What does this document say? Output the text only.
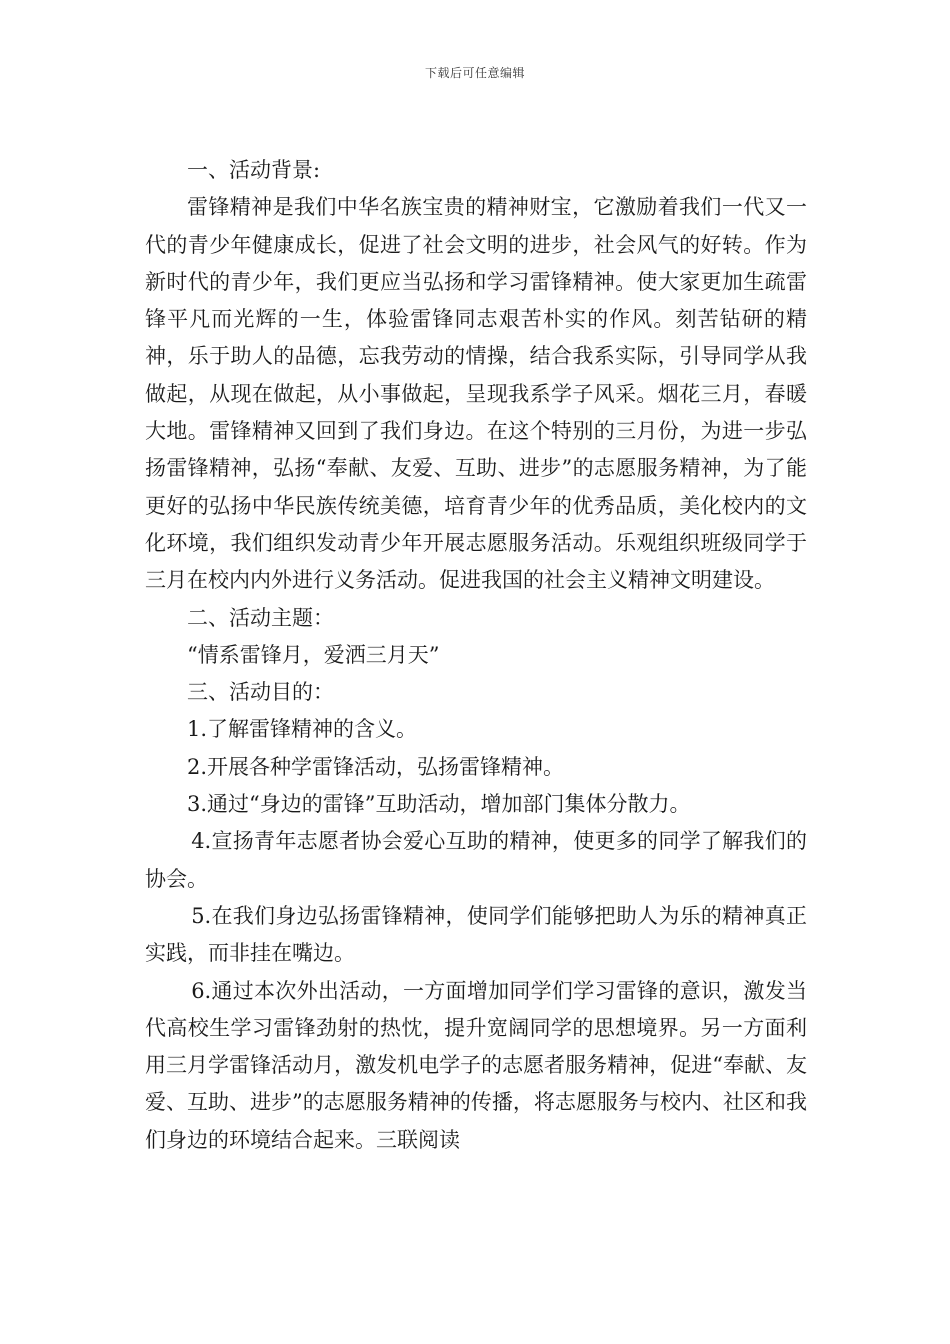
下载后可任意编辑

一、活动背景:

雷锋精神是我们中华名族宝贵的精神财宝，它激励着我们一代又一代的青少年健康成长，促进了社会文明的进步，社会风气的好转。作为新时代的青少年，我们更应当弘扬和学习雷锋精神。使大家更加生疏雷锋平凡而光辉的一生，体验雷锋同志艰苦朴实的作风。刻苦钻研的精神，乐于助人的品德，忘我劳动的情操，结合我系实际，引导同学从我做起，从现在做起，从小事做起，呈现我系学子风采。烟花三月，春暖大地。雷锋精神又回到了我们身边。在这个特别的三月份，为进一步弘扬雷锋精神，弘扬“奉献、友爱、互助、进步”的志愿服务精神，为了能更好的弘扬中华民族传统美德，培育青少年的优秀品质，美化校内的文化环境，我们组织发动青少年开展志愿服务活动。乐观组织班级同学于三月在校内内外进行义务活动。促进我国的社会主义精神文明建设。

二、活动主题：

“情系雷锋月，爱洒三月天”

三、活动目的：

1.了解雷锋精神的含义。

2.开展各种学雷锋活动，弘扬雷锋精神。

3.通过“身边的雷锋”互助活动，增加部门集体分散力。

4.宣扬青年志愿者协会爱心互助的精神，使更多的同学了解我们的协会。

5.在我们身边弘扬雷锋精神，使同学们能够把助人为乐的精神真正实践，而非挂在嘴边。

6.通过本次外出活动，一方面增加同学们学习雷锋的意识，激发当代高校生学习雷锋劲射的热忱，提升宽阔同学的思想境界。另一方面利用三月学雷锋活动月，激发机电学子的志愿者服务精神，促进“奉献、友爱、互助、进步”的志愿服务精神的传播，将志愿服务与校内、社区和我们身边的环境结合起来。三联阅读
